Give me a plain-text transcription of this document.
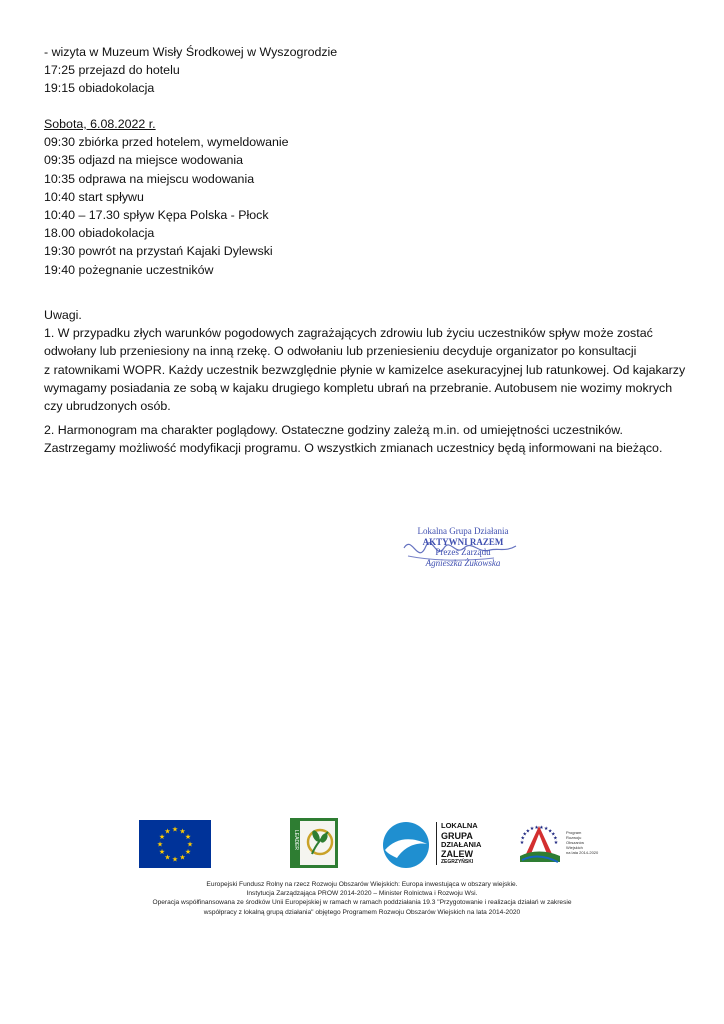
- wizyta w Muzeum Wisły Środkowej w Wyszogrodzie
17:25 przejazd do hotelu
19:15 obiadokolacja
Sobota, 6.08.2022 r.
09:30 zbiórka przed hotelem, wymeldowanie
09:35 odjazd na miejsce wodowania
10:35 odprawa na miejscu wodowania
10:40 start spływu
10:40 – 17.30 spływ Kępa Polska - Płock
18.00 obiadokolacja
19:30 powrót na przystań Kajaki Dylewski
19:40 pożegnanie uczestników
Uwagi.
1. W przypadku złych warunków pogodowych zagrażających zdrowiu lub życiu uczestników spływ może zostać
odwołany lub przeniesiony na inną rzekę. O odwołaniu lub przeniesieniu decyduje organizator po konsultacji
z ratownikami WOPR. Każdy uczestnik bezwzględnie płynie w kamizelce asekuracyjnej lub ratunkowej. Od kajakarzy
wymagamy posiadania ze sobą w kajaku drugiego kompletu ubrań na przebranie. Autobusem nie wozimy mokrych
czy ubrudzonych osób.
2. Harmonogram ma charakter poglądowy. Ostateczne godziny zależą m.in. od umiejętności uczestników.
Zastrzegamy możliwość modyfikacji programu. O wszystkich zmianach uczestnicy będą informowani na bieżąco.
Lokalna Grupa Działania
AKTYWNI RAZEM
Prezes Zarządu
Agnieszka Żukowska
★ ★
★
★
★
★
★
★
★
★
★
★	LEADER
LOKALNA
GRUPA
DZIAŁANIA
ZALEW
ZEGRZYŃSKI
★
★
★
★ ★ ★ ★ ★ ★
★
★
★
Program
Rozwoju
Obszarów
Wiejskich
na lata 2014-2020
Europejski Fundusz Rolny na rzecz Rozwoju Obszarów Wiejskich: Europa inwestująca w obszary wiejskie.
Instytucja Zarządzająca PROW 2014-2020 – Minister Rolnictwa i Rozwoju Wsi.
Operacja współfinansowana ze środków Unii Europejskiej w ramach w ramach poddziałania 19.3 "Przygotowanie i realizacja działań w zakresie
współpracy z lokalną grupą działania" objętego Programem Rozwoju Obszarów Wiejskich na lata 2014-2020
